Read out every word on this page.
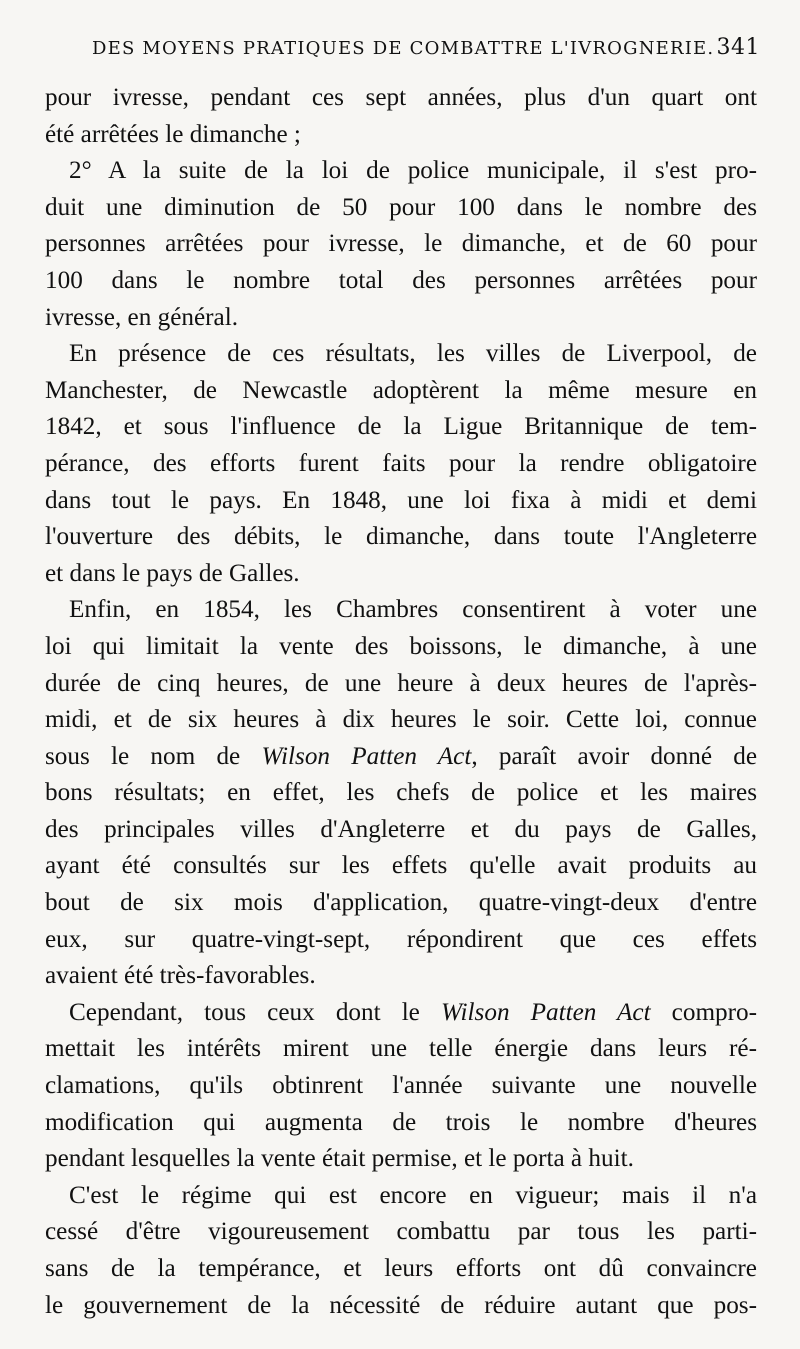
DES MOYENS PRATIQUES DE COMBATTRE L'IVROGNERIE. 341
pour ivresse, pendant ces sept années, plus d'un quart ont
été arrêtées le dimanche ;
2° A la suite de la loi de police municipale, il s'est pro-
duit une diminution de 50 pour 100 dans le nombre des
personnes arrêtées pour ivresse, le dimanche, et de 60 pour
100 dans le nombre total des personnes arrêtées pour
ivresse, en général.
En présence de ces résultats, les villes de Liverpool, de
Manchester, de Newcastle adoptèrent la même mesure en
1842, et sous l'influence de la Ligue Britannique de tem-
pérance, des efforts furent faits pour la rendre obligatoire
dans tout le pays. En 1848, une loi fixa à midi et demi
l'ouverture des débits, le dimanche, dans toute l'Angleterre
et dans le pays de Galles.
Enfin, en 1854, les Chambres consentirent à voter une
loi qui limitait la vente des boissons, le dimanche, à une
durée de cinq heures, de une heure à deux heures de l'après-
midi, et de six heures à dix heures le soir. Cette loi, connue
sous le nom de Wilson Patten Act, paraît avoir donné de
bons résultats; en effet, les chefs de police et les maires
des principales villes d'Angleterre et du pays de Galles,
ayant été consultés sur les effets qu'elle avait produits au
bout de six mois d'application, quatre-vingt-deux d'entre
eux, sur quatre-vingt-sept, répondirent que ces effets
avaient été très-favorables.
Cependant, tous ceux dont le Wilson Patten Act compro-
mettait les intérêts mirent une telle énergie dans leurs ré-
clamations, qu'ils obtinrent l'année suivante une nouvelle
modification qui augmenta de trois le nombre d'heures
pendant lesquelles la vente était permise, et le porta à huit.
C'est le régime qui est encore en vigueur; mais il n'a
cessé d'être vigoureusement combattu par tous les parti-
sans de la tempérance, et leurs efforts ont dû convaincre
le gouvernement de la nécessité de réduire autant que pos-
